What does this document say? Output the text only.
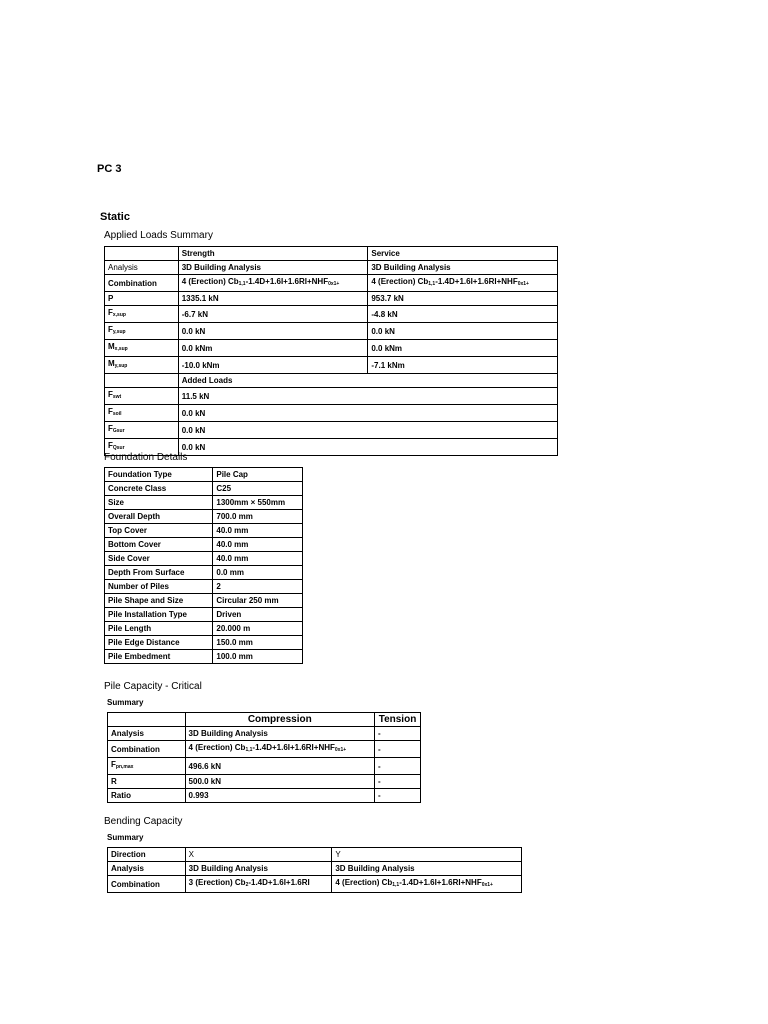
PC 3
Static
Applied Loads Summary
	Strength	Service
Analysis	3D Building Analysis	3D Building Analysis
Combination	4 (Erection) $Cb_{1,1}-1.4D+1.6I+1.6RI+NHF_{0x1+}$	4 (Erection) $Cb_{1,1}-1.4D+1.6I+1.6RI+NHF_{0x1+}$
P	1335.1 kN	953.7 kN
$F_{x,sup}$	-6.7 kN	-4.8 kN
$F_{y,sup}$	0.0 kN	0.0 kN
$M_{x,sup}$	0.0 kNm	0.0 kNm
$M_{y,sup}$	-10.0 kNm	-7.1 kNm
	Added Loads	
$F_{swt}$	11.5 kN	
$F_{soil}$	0.0 kN	
$F_{Gsur}$	0.0 kN	
$F_{Qsur}$	0.0 kN	
Foundation Details
Foundation Type	Pile Cap
Concrete Class	C25
Size	1300mm × 550mm
Overall Depth	700.0 mm
Top Cover	40.0 mm
Bottom Cover	40.0 mm
Side Cover	40.0 mm
Depth From Surface	0.0 mm
Number of Piles	2
Pile Shape and Size	Circular 250 mm
Pile Installation Type	Driven
Pile Length	20.000 m
Pile Edge Distance	150.0 mm
Pile Embedment	100.0 mm
Pile Capacity - Critical
Summary
	Compression	Tension
Analysis	3D Building Analysis	-
Combination	4 (Erection) $Cb_{1,1}-1.4D+1.6I+1.6RI+NHF_{0x1+}$	-
$F_{pn,max}$	496.6 kN	-
R	500.0 kN	-
Ratio	0.993	-
Bending Capacity
Summary
Direction	X	Y
Analysis	3D Building Analysis	3D Building Analysis
Combination	3 (Erection) $Cb_2-1.4D+1.6I+1.6RI$	4 (Erection) $Cb_{1,1}-1.4D+1.6I+1.6RI+NHF_{0x1+}$
